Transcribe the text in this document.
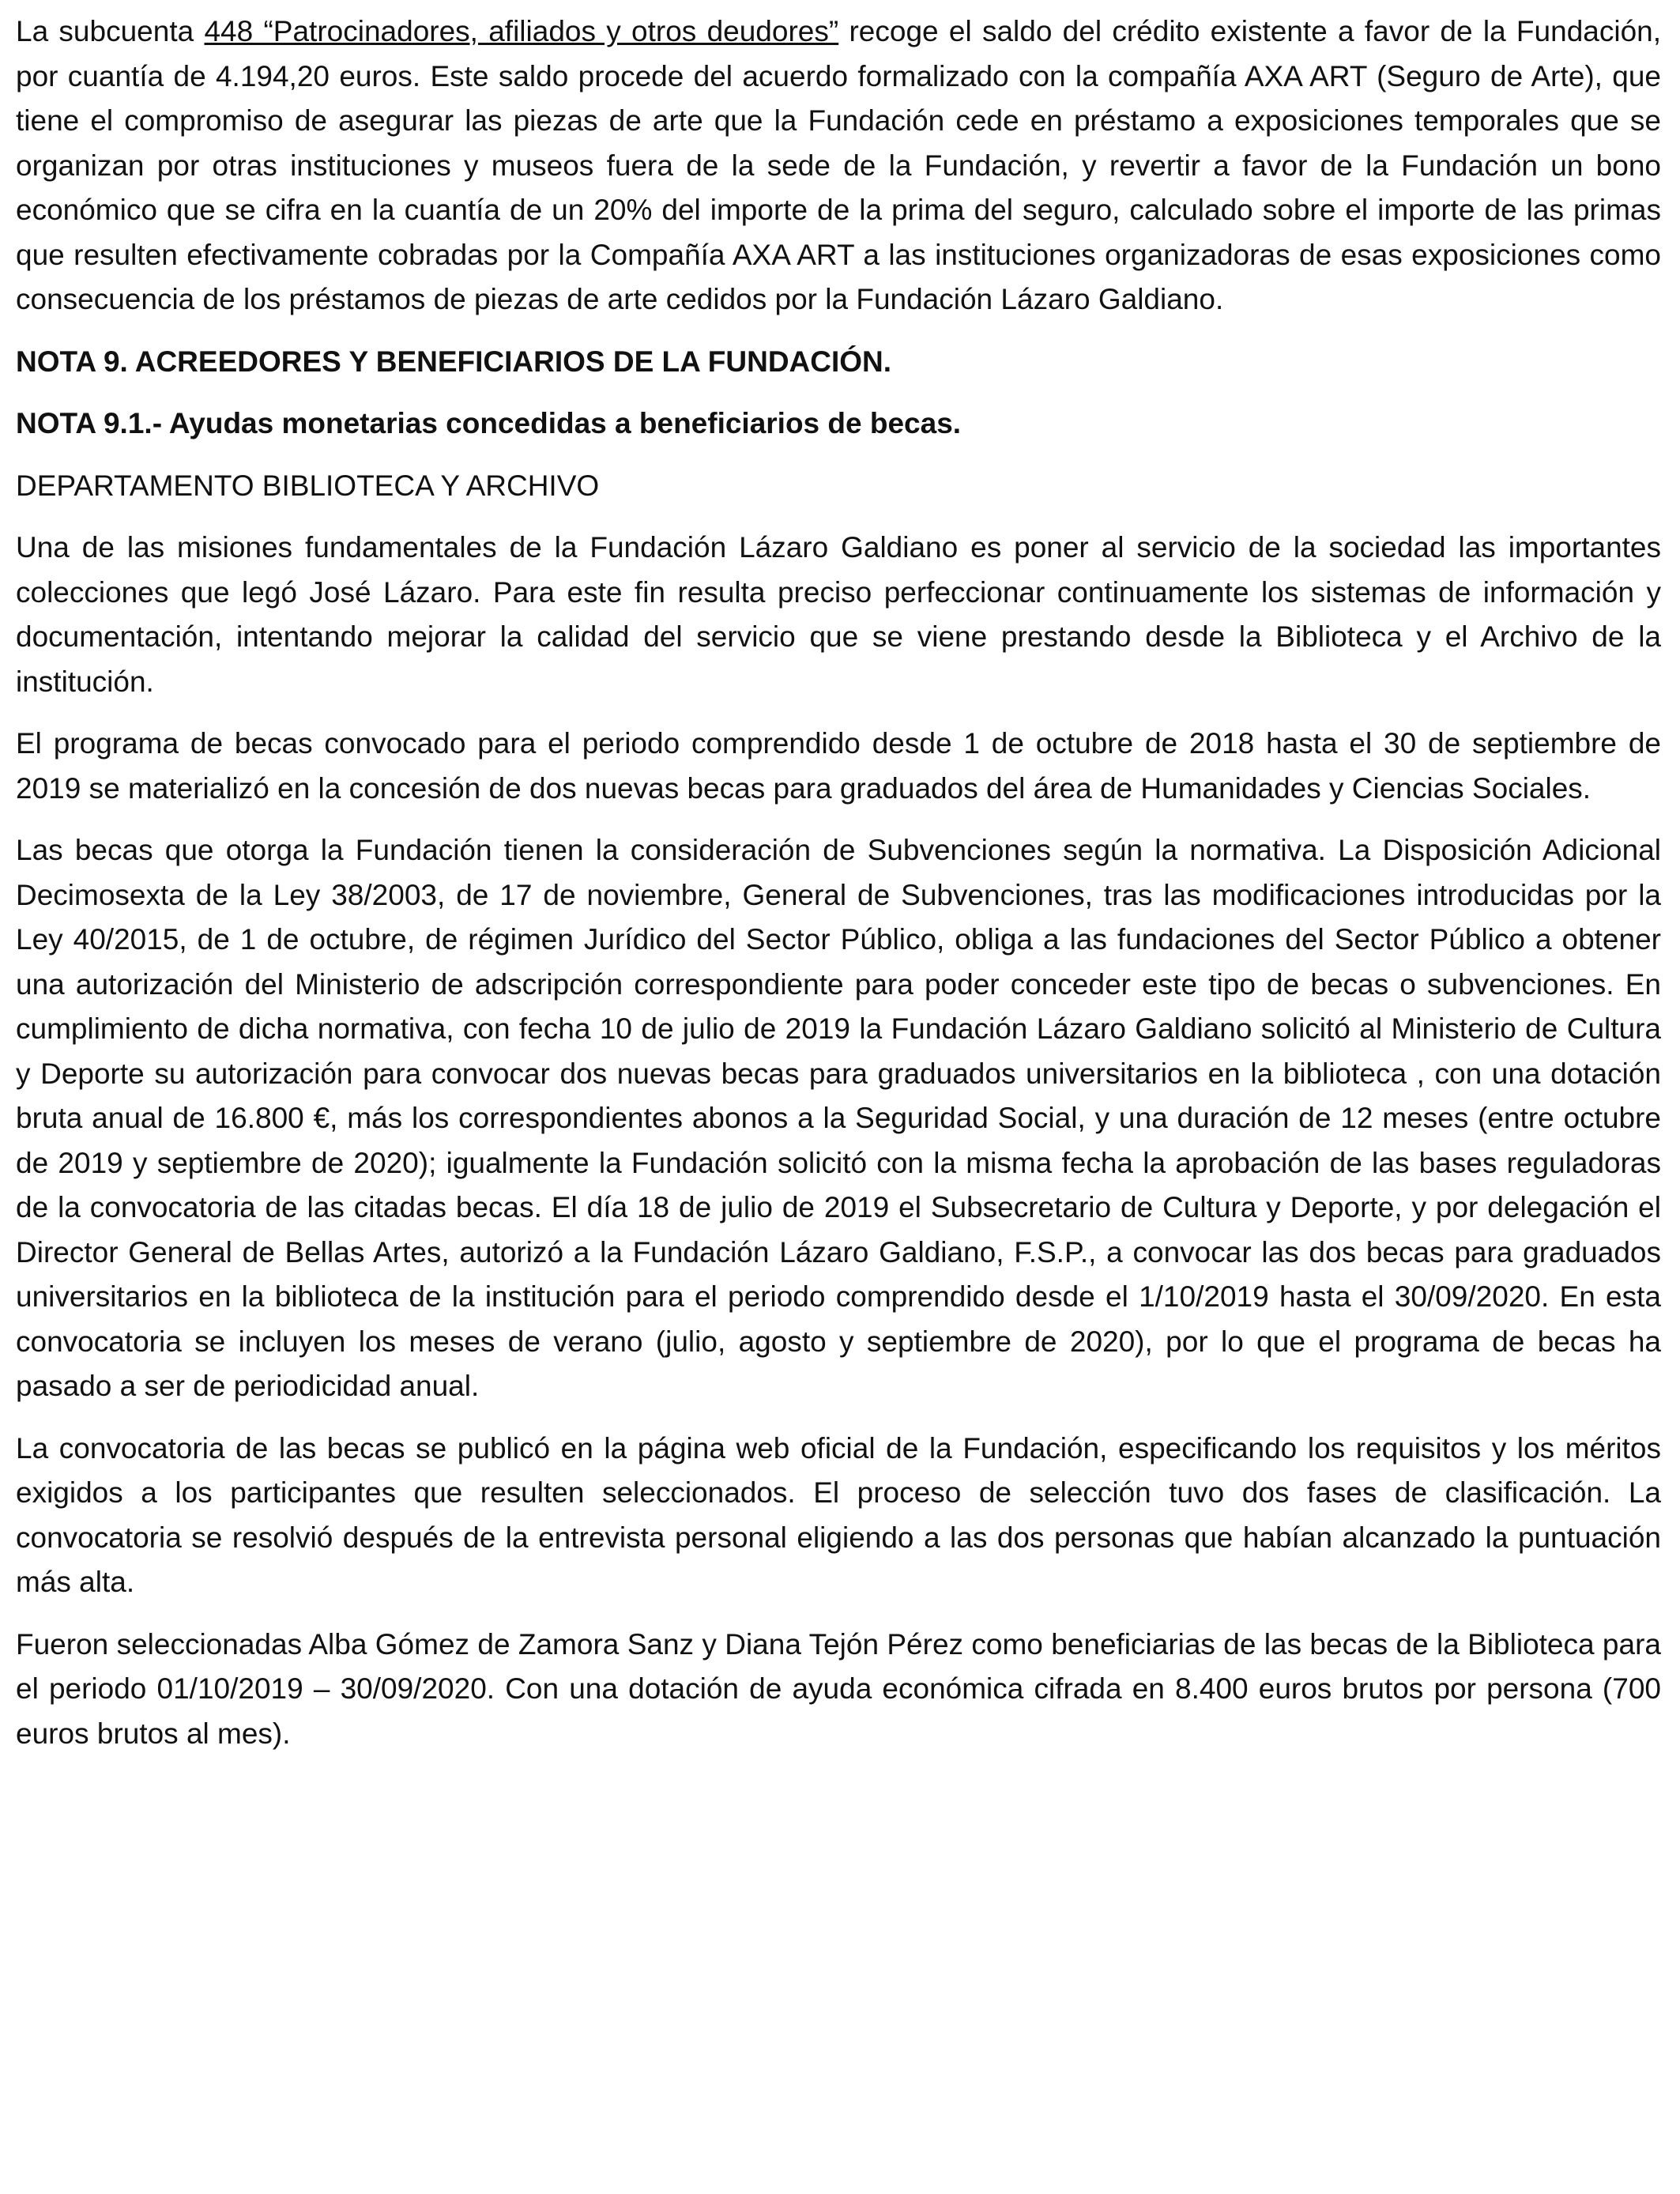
La subcuenta 448 “Patrocinadores, afiliados y otros deudores” recoge el saldo del crédito existente a favor de la Fundación, por cuantía de 4.194,20 euros. Este saldo procede del acuerdo formalizado con la compañía AXA ART (Seguro de Arte), que tiene el compromiso de asegurar las piezas de arte que la Fundación cede en préstamo a exposiciones temporales que se organizan por otras instituciones y museos fuera de la sede de la Fundación, y revertir a favor de la Fundación un bono económico que se cifra en la cuantía de un 20% del importe de la prima del seguro, calculado sobre el importe de las primas que resulten efectivamente cobradas por la Compañía AXA ART a las instituciones organizadoras de esas exposiciones como consecuencia de los préstamos de piezas de arte cedidos por la Fundación Lázaro Galdiano.

NOTA 9. ACREEDORES Y BENEFICIARIOS DE LA FUNDACIÓN.
NOTA 9.1.- Ayudas monetarias concedidas a beneficiarios de becas.
DEPARTAMENTO BIBLIOTECA Y ARCHIVO

Una de las misiones fundamentales de la Fundación Lázaro Galdiano es poner al servicio de la sociedad las importantes colecciones que legó José Lázaro. Para este fin resulta preciso perfeccionar continuamente los sistemas de información y documentación, intentando mejorar la calidad del servicio que se viene prestando desde la Biblioteca y el Archivo de la institución.

El programa de becas convocado para el periodo comprendido desde 1 de octubre de 2018 hasta el 30 de septiembre de 2019 se materializó en la concesión de dos nuevas becas para graduados del área de Humanidades y Ciencias Sociales.

Las becas que otorga la Fundación tienen la consideración de Subvenciones según la normativa. La Disposición Adicional Decimosexta de la Ley 38/2003, de 17 de noviembre, General de Subvenciones, tras las modificaciones introducidas por la Ley 40/2015, de 1 de octubre, de régimen Jurídico del Sector Público, obliga a las fundaciones del Sector Público a obtener una autorización del Ministerio de adscripción correspondiente para poder conceder este tipo de becas o subvenciones. En cumplimiento de dicha normativa, con fecha 10 de julio de 2019 la Fundación Lázaro Galdiano solicitó al Ministerio de Cultura y Deporte su autorización para convocar dos nuevas becas para graduados universitarios en la biblioteca , con una dotación bruta anual de 16.800 €, más los correspondientes abonos a la Seguridad Social, y una duración de 12 meses (entre octubre de 2019 y septiembre de 2020); igualmente la Fundación solicitó con la misma fecha la aprobación de las bases reguladoras de la convocatoria de las citadas becas. El día 18 de julio de 2019 el Subsecretario de Cultura y Deporte, y por delegación el Director General de Bellas Artes, autorizó a la Fundación Lázaro Galdiano, F.S.P., a convocar las dos becas para graduados universitarios en la biblioteca de la institución para el periodo comprendido desde el 1/10/2019 hasta el 30/09/2020. En esta convocatoria se incluyen los meses de verano (julio, agosto y septiembre de 2020), por lo que el programa de becas ha pasado a ser de periodicidad anual.

La convocatoria de las becas se publicó en la página web oficial de la Fundación, especificando los requisitos y los méritos exigidos a los participantes que resulten seleccionados. El proceso de selección tuvo dos fases de clasificación. La convocatoria se resolvió después de la entrevista personal eligiendo a las dos personas que habían alcanzado la puntuación más alta.

Fueron seleccionadas Alba Gómez de Zamora Sanz y Diana Tejón Pérez como beneficiarias de las becas de la Biblioteca para el periodo 01/10/2019 – 30/09/2020. Con una dotación de ayuda económica cifrada en 8.400 euros brutos por persona (700 euros brutos al mes).
